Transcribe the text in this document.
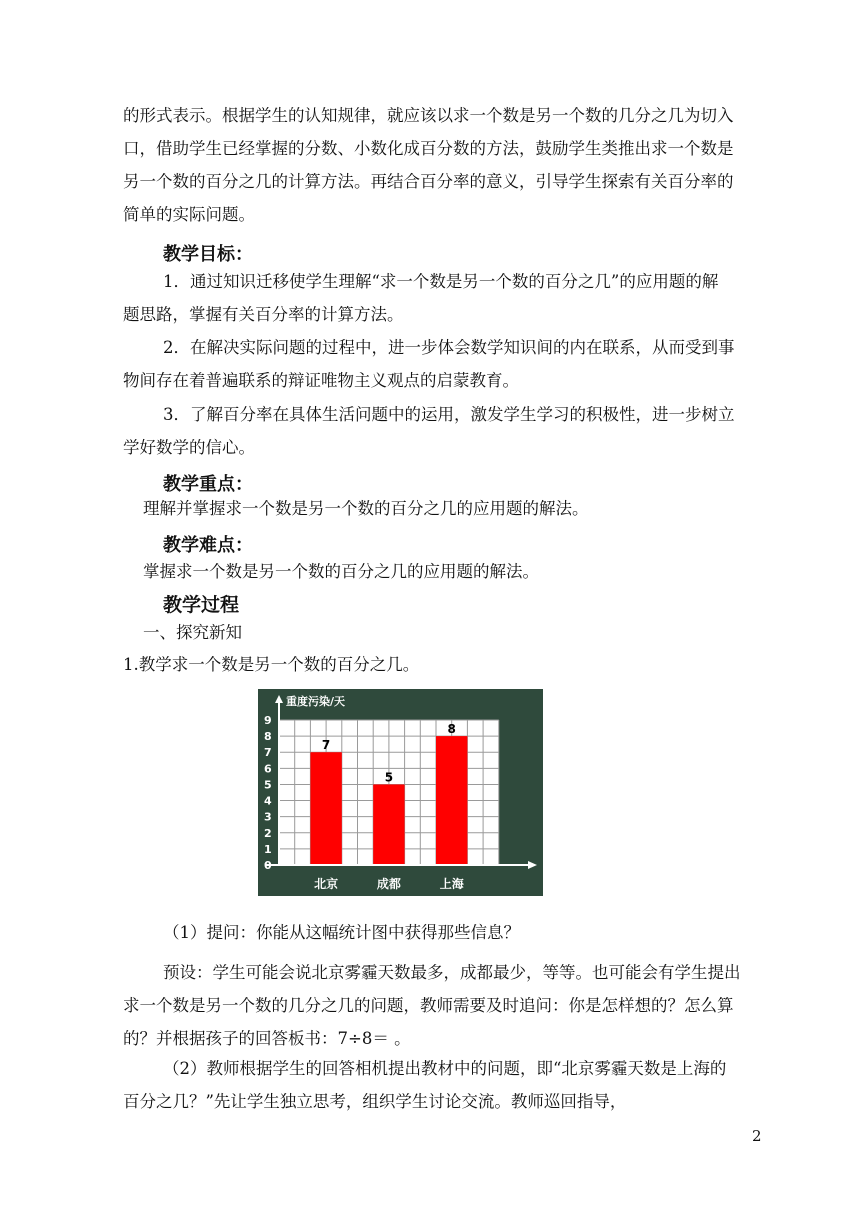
的形式表示。根据学生的认知规律，就应该以求一个数是另一个数的几分之几为切入
口，借助学生已经掌握的分数、小数化成百分数的方法，鼓励学生类推出求一个数是
另一个数的百分之几的计算方法。再结合百分率的意义，引导学生探索有关百分率的
简单的实际问题。
教学目标：
1．通过知识迁移使学生理解“求一个数是另一个数的百分之几”的应用题的解
题思路，掌握有关百分率的计算方法。
2．在解决实际问题的过程中，进一步体会数学知识间的内在联系，从而受到事
物间存在着普遍联系的辩证唯物主义观点的启蒙教育。
3．了解百分率在具体生活问题中的运用，激发学生学习的积极性，进一步树立
学好数学的信心。
教学重点：
理解并掌握求一个数是另一个数的百分之几的应用题的解法。
教学难点：
掌握求一个数是另一个数的百分之几的应用题的解法。
教学过程
一、探究新知
1.教学求一个数是另一个数的百分之几。
7
北京
5
成都
8
上海
0
1
2
3
4
5
6
7
8
9
重度污染/天
（1）提问：你能从这幅统计图中获得那些信息？
预设：学生可能会说北京雾霾天数最多，成都最少，等等。也可能会有学生提出
求一个数是另一个数的几分之几的问题，教师需要及时追问：你是怎样想的？怎么算
的？并根据孩子的回答板书：7÷8＝ 。
（2）教师根据学生的回答相机提出教材中的问题，即“北京雾霾天数是上海的
百分之几？”先让学生独立思考，组织学生讨论交流。教师巡回指导，
2
